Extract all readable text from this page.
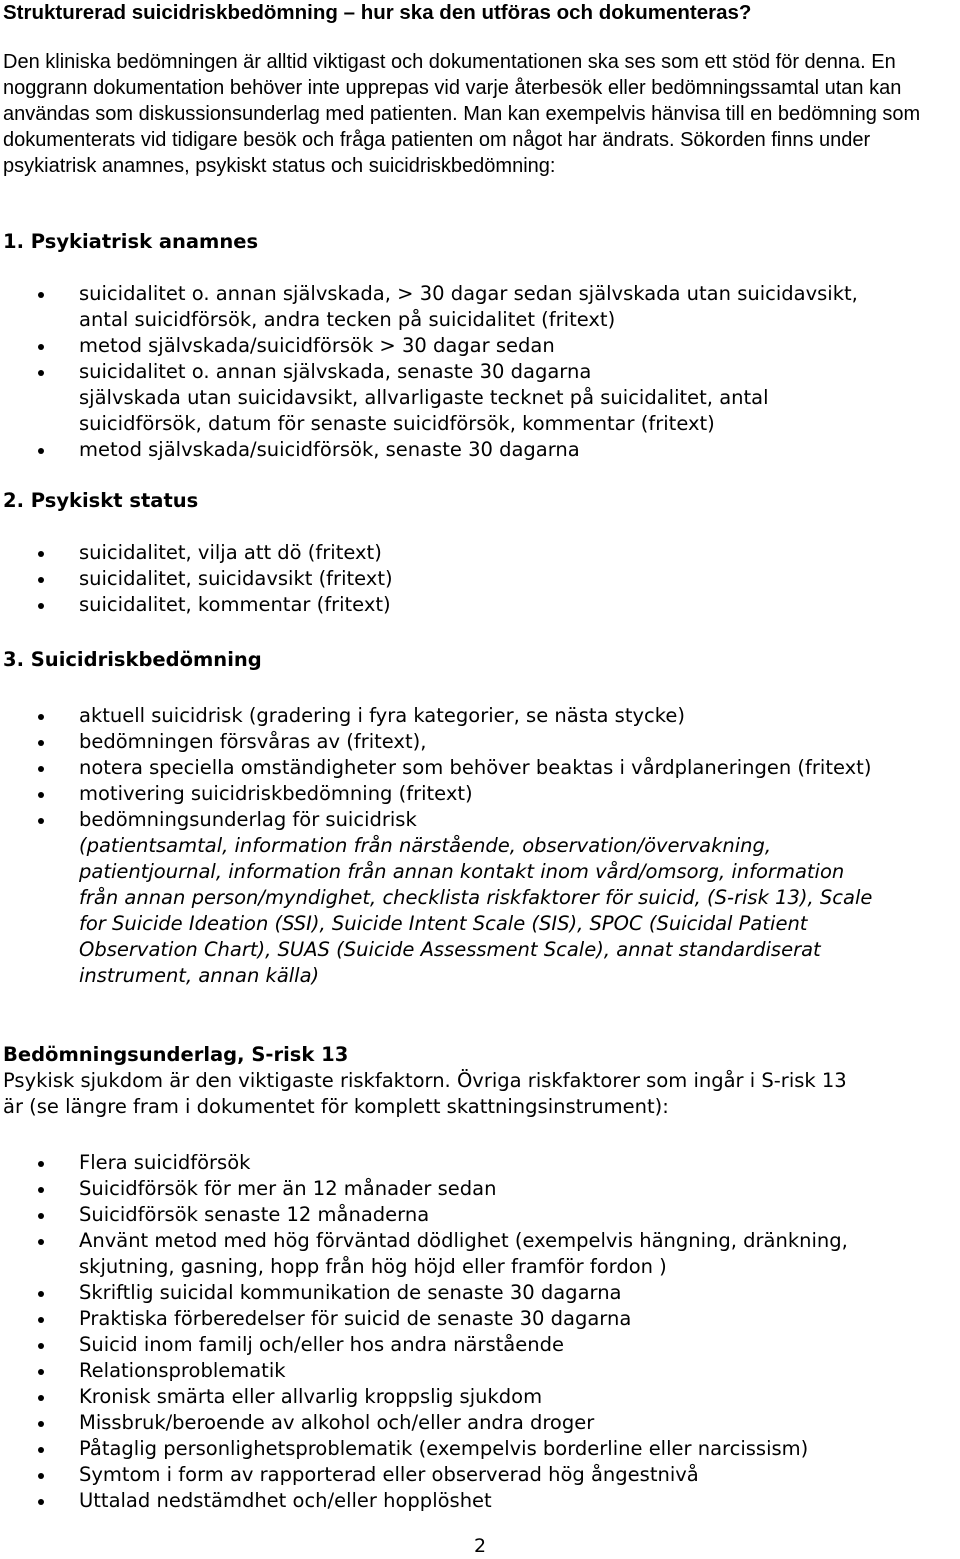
Strukturerad suicidriskbedömning – hur ska den utföras och dokumenteras?
Den kliniska bedömningen är alltid viktigast och dokumentationen ska ses som ett stöd för denna. En noggrann dokumentation behöver inte upprepas vid varje återbesök eller bedömningssamtal utan kan användas som diskussionsunderlag med patienten. Man kan exempelvis hänvisa till en bedömning som dokumenterats vid tidigare besök och fråga patienten om något har ändrats. Sökorden finns under psykiatrisk anamnes, psykiskt status och suicidriskbedömning:
1. Psykiatrisk anamnes
suicidalitet o. annan självskada, > 30 dagar sedan självskada utan suicidavsikt,
antal suicidförsök, andra tecken på suicidalitet (fritext)
metod självskada/suicidförsök > 30 dagar sedan
suicidalitet o. annan självskada, senaste 30 dagarna
självskada utan suicidavsikt, allvarligaste tecknet på suicidalitet, antal
suicidförsök, datum för senaste suicidförsök, kommentar (fritext)
metod självskada/suicidförsök, senaste 30 dagarna
2. Psykiskt status
suicidalitet, vilja att dö (fritext)
suicidalitet, suicidavsikt (fritext)
suicidalitet, kommentar (fritext)
3. Suicidriskbedömning
aktuell suicidrisk (gradering i fyra kategorier, se nästa stycke)
bedömningen försvåras av (fritext),
notera speciella omständigheter som behöver beaktas i vårdplaneringen (fritext)
motivering suicidriskbedömning (fritext)
bedömningsunderlag för suicidrisk
(patientsamtal, information från närstående, observation/övervakning,
patientjournal, information från annan kontakt inom vård/omsorg, information
från annan person/myndighet, checklista riskfaktorer för suicid, (S-risk 13), Scale
for Suicide Ideation (SSI), Suicide Intent Scale (SIS), SPOC (Suicidal Patient
Observation Chart), SUAS (Suicide Assessment Scale), annat standardiserat
instrument, annan källa)
Bedömningsunderlag, S-risk 13
Psykisk sjukdom är den viktigaste riskfaktorn. Övriga riskfaktorer som ingår i S-risk 13
är (se längre fram i dokumentet för komplett skattningsinstrument):
Flera suicidförsök
Suicidförsök för mer än 12 månader sedan
Suicidförsök senaste 12 månaderna
Använt metod med hög förväntad dödlighet (exempelvis hängning, dränkning,
skjutning, gasning, hopp från hög höjd eller framför fordon )
Skriftlig suicidal kommunikation de senaste 30 dagarna
Praktiska förberedelser för suicid de senaste 30 dagarna
Suicid inom familj och/eller hos andra närstående
Relationsproblematik
Kronisk smärta eller allvarlig kroppslig sjukdom
Missbruk/beroende av alkohol och/eller andra droger
Påtaglig personlighetsproblematik (exempelvis borderline eller narcissism)
Symtom i form av rapporterad eller observerad hög ångestnivå
Uttalad nedstämdhet och/eller hopplöshet
2
